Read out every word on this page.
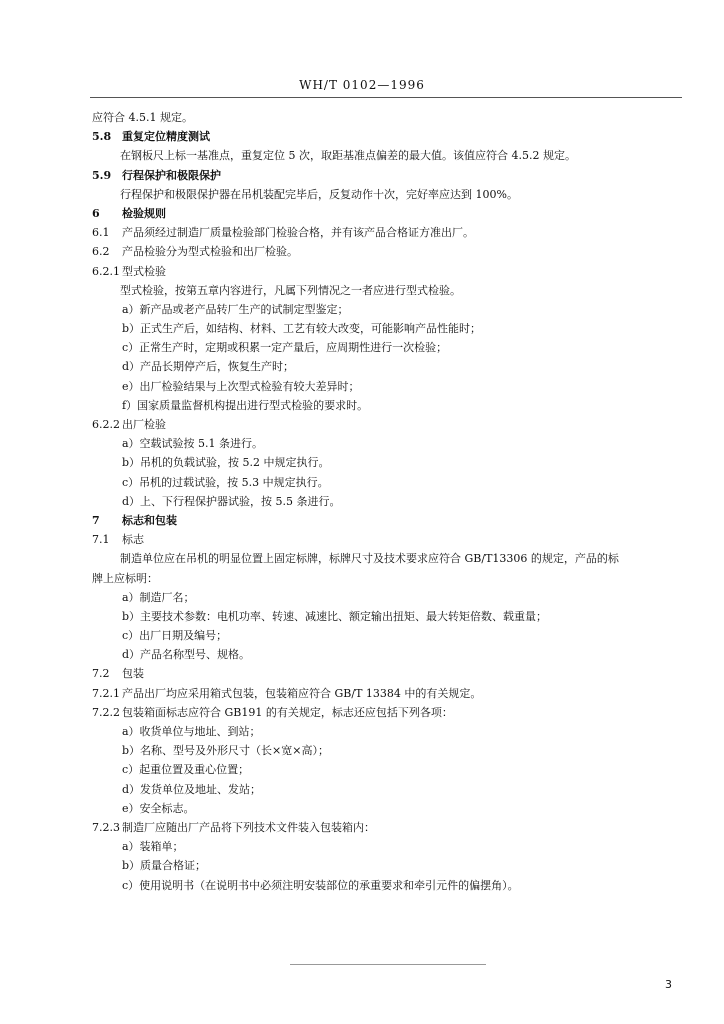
WH/T 0102—1996
应符合 4.5.1 规定。
5.8 重复定位精度测试
在钢板尺上标一基准点，重复定位 5 次，取距基准点偏差的最大值。该值应符合 4.5.2 规定。
5.9 行程保护和极限保护
行程保护和极限保护器在吊机装配完毕后，反复动作十次，完好率应达到 100%。
6 检验规则
6.1 产品须经过制造厂质量检验部门检验合格，并有该产品合格证方准出厂。
6.2 产品检验分为型式检验和出厂检验。
6.2.1 型式检验
型式检验，按第五章内容进行，凡属下列情况之一者应进行型式检验。
a）新产品或老产品转厂生产的试制定型鉴定；
b）正式生产后，如结构、材料、工艺有较大改变，可能影响产品性能时；
c）正常生产时，定期或积累一定产量后，应周期性进行一次检验；
d）产品长期停产后，恢复生产时；
e）出厂检验结果与上次型式检验有较大差异时；
f）国家质量监督机构提出进行型式检验的要求时。
6.2.2 出厂检验
a）空载试验按 5.1 条进行。
b）吊机的负载试验，按 5.2 中规定执行。
c）吊机的过载试验，按 5.3 中规定执行。
d）上、下行程保护器试验，按 5.5 条进行。
7 标志和包装
7.1 标志
制造单位应在吊机的明显位置上固定标牌，标牌尺寸及技术要求应符合 GB/T13306 的规定，产品的标
牌上应标明：
a）制造厂名；
b）主要技术参数：电机功率、转速、减速比、额定输出扭矩、最大转矩倍数、载重量；
c）出厂日期及编号；
d）产品名称型号、规格。
7.2 包装
7.2.1 产品出厂均应采用箱式包装，包装箱应符合 GB/T 13384 中的有关规定。
7.2.2 包装箱面标志应符合 GB191 的有关规定，标志还应包括下列各项：
a）收货单位与地址、到站；
b）名称、型号及外形尺寸（长×宽×高）；
c）起重位置及重心位置；
d）发货单位及地址、发站；
e）安全标志。
7.2.3 制造厂应随出厂产品将下列技术文件装入包装箱内：
a）装箱单；
b）质量合格证；
c）使用说明书（在说明书中必须注明安装部位的承重要求和牵引元件的偏摆角）。
3
